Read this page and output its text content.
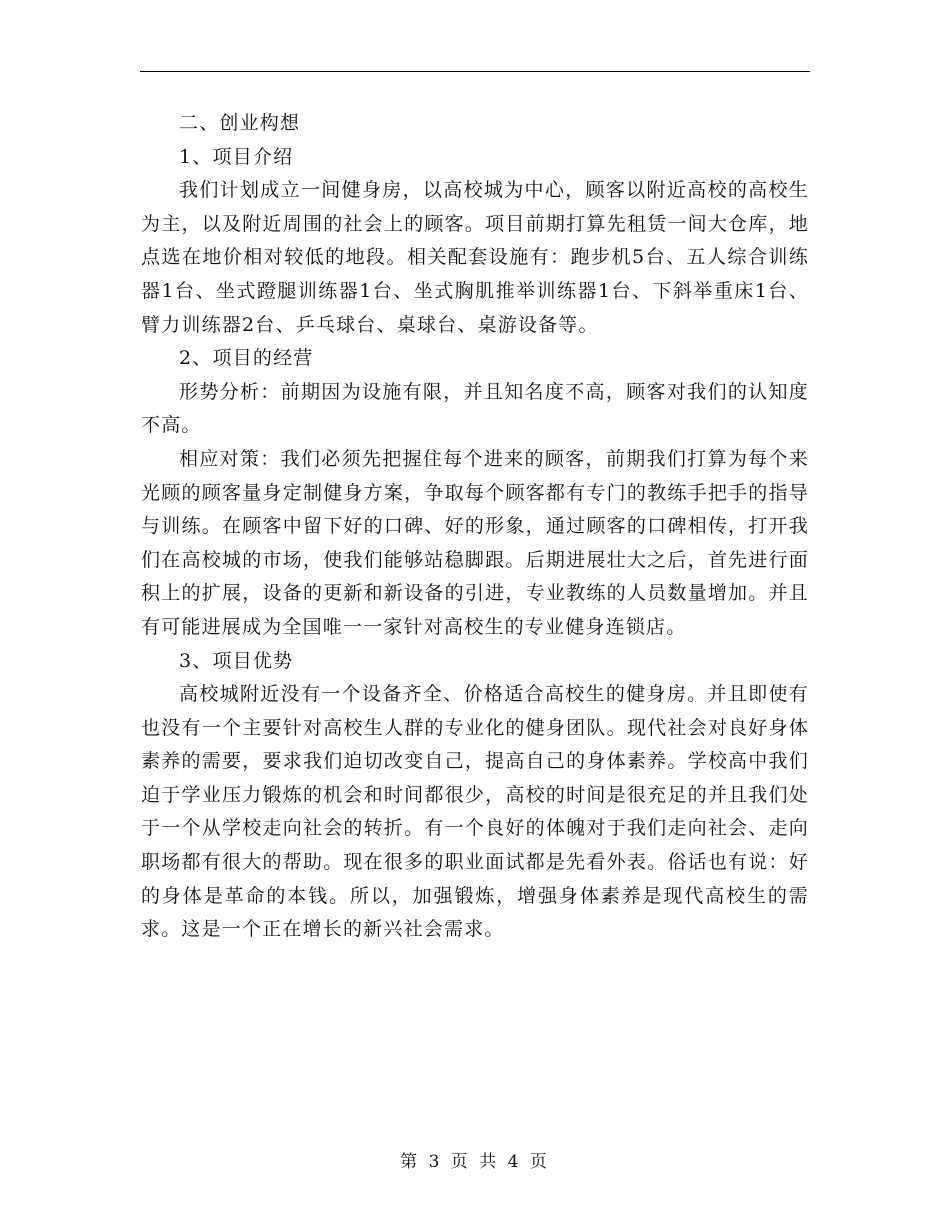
二、创业构想

1、项目介绍

我们计划成立一间健身房，以高校城为中心，顾客以附近高校的高校生为主，以及附近周围的社会上的顾客。项目前期打算先租赁一间大仓库，地点选在地价相对较低的地段。相关配套设施有：跑步机5台、五人综合训练器1台、坐式蹬腿训练器1台、坐式胸肌推举训练器1台、下斜举重床1台、臂力训练器2台、乒乓球台、桌球台、桌游设备等。

2、项目的经营

形势分析：前期因为设施有限，并且知名度不高，顾客对我们的认知度不高。

相应对策：我们必须先把握住每个进来的顾客，前期我们打算为每个来光顾的顾客量身定制健身方案，争取每个顾客都有专门的教练手把手的指导与训练。在顾客中留下好的口碑、好的形象，通过顾客的口碑相传，打开我们在高校城的市场，使我们能够站稳脚跟。后期进展壮大之后，首先进行面积上的扩展，设备的更新和新设备的引进，专业教练的人员数量增加。并且有可能进展成为全国唯一一家针对高校生的专业健身连锁店。

3、项目优势

高校城附近没有一个设备齐全、价格适合高校生的健身房。并且即使有也没有一个主要针对高校生人群的专业化的健身团队。现代社会对良好身体素养的需要，要求我们迫切改变自己，提高自己的身体素养。学校高中我们迫于学业压力锻炼的机会和时间都很少，高校的时间是很充足的并且我们处于一个从学校走向社会的转折。有一个良好的体魄对于我们走向社会、走向职场都有很大的帮助。现在很多的职业面试都是先看外表。俗话也有说：好的身体是革命的本钱。所以，加强锻炼，增强身体素养是现代高校生的需求。这是一个正在增长的新兴社会需求。

第 3 页 共 4 页
